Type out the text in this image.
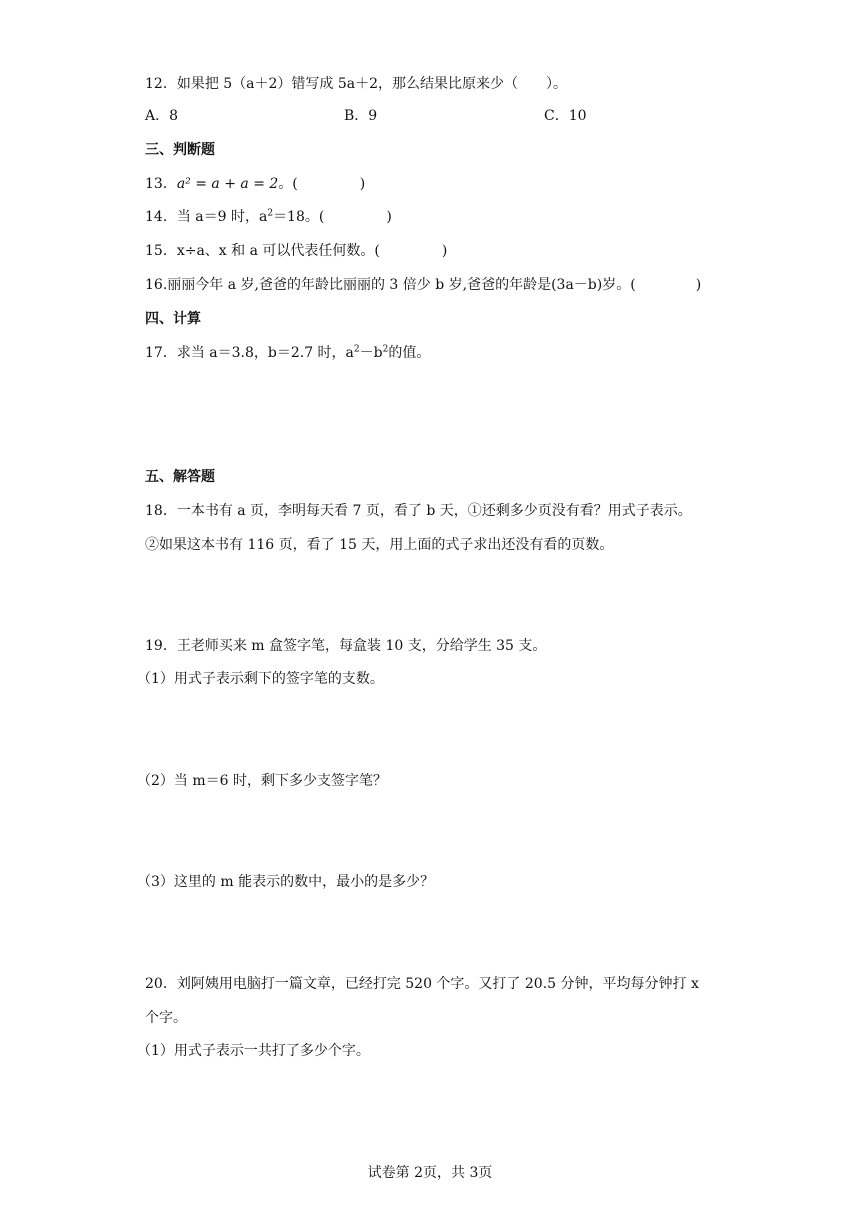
12．如果把 5（a＋2）错写成 5a＋2，那么结果比原来少（　　）。
A．8	B．9	C．10
三、判断题
13．a² = a + a = 2。(	)
14．当 a＝9 时，$a^2=18$。(	)
15．x÷a、x 和 a 可以代表任何数。(	)
16.丽丽今年 a 岁,爸爸的年龄比丽丽的 3 倍少 b 岁,爸爸的年龄是(3a－b)岁。(	)
四、计算
17．求当 a＝3.8，b＝2.7 时，$a^2-b^2$的值。
五、解答题
18．一本书有 a 页，李明每天看 7 页，看了 b 天，①还剩多少页没有看？用式子表示。
②如果这本书有 116 页，看了 15 天，用上面的式子求出还没有看的页数。
19．王老师买来 m 盒签字笔，每盒装 10 支，分给学生 35 支。
（1）用式子表示剩下的签字笔的支数。
（2）当 m＝6 时，剩下多少支签字笔？
（3）这里的 m 能表示的数中，最小的是多少？
20．刘阿姨用电脑打一篇文章，已经打完 520 个字。又打了 20.5 分钟，平均每分钟打 x
个字。
（1）用式子表示一共打了多少个字。
试卷第 2页，共 3页
